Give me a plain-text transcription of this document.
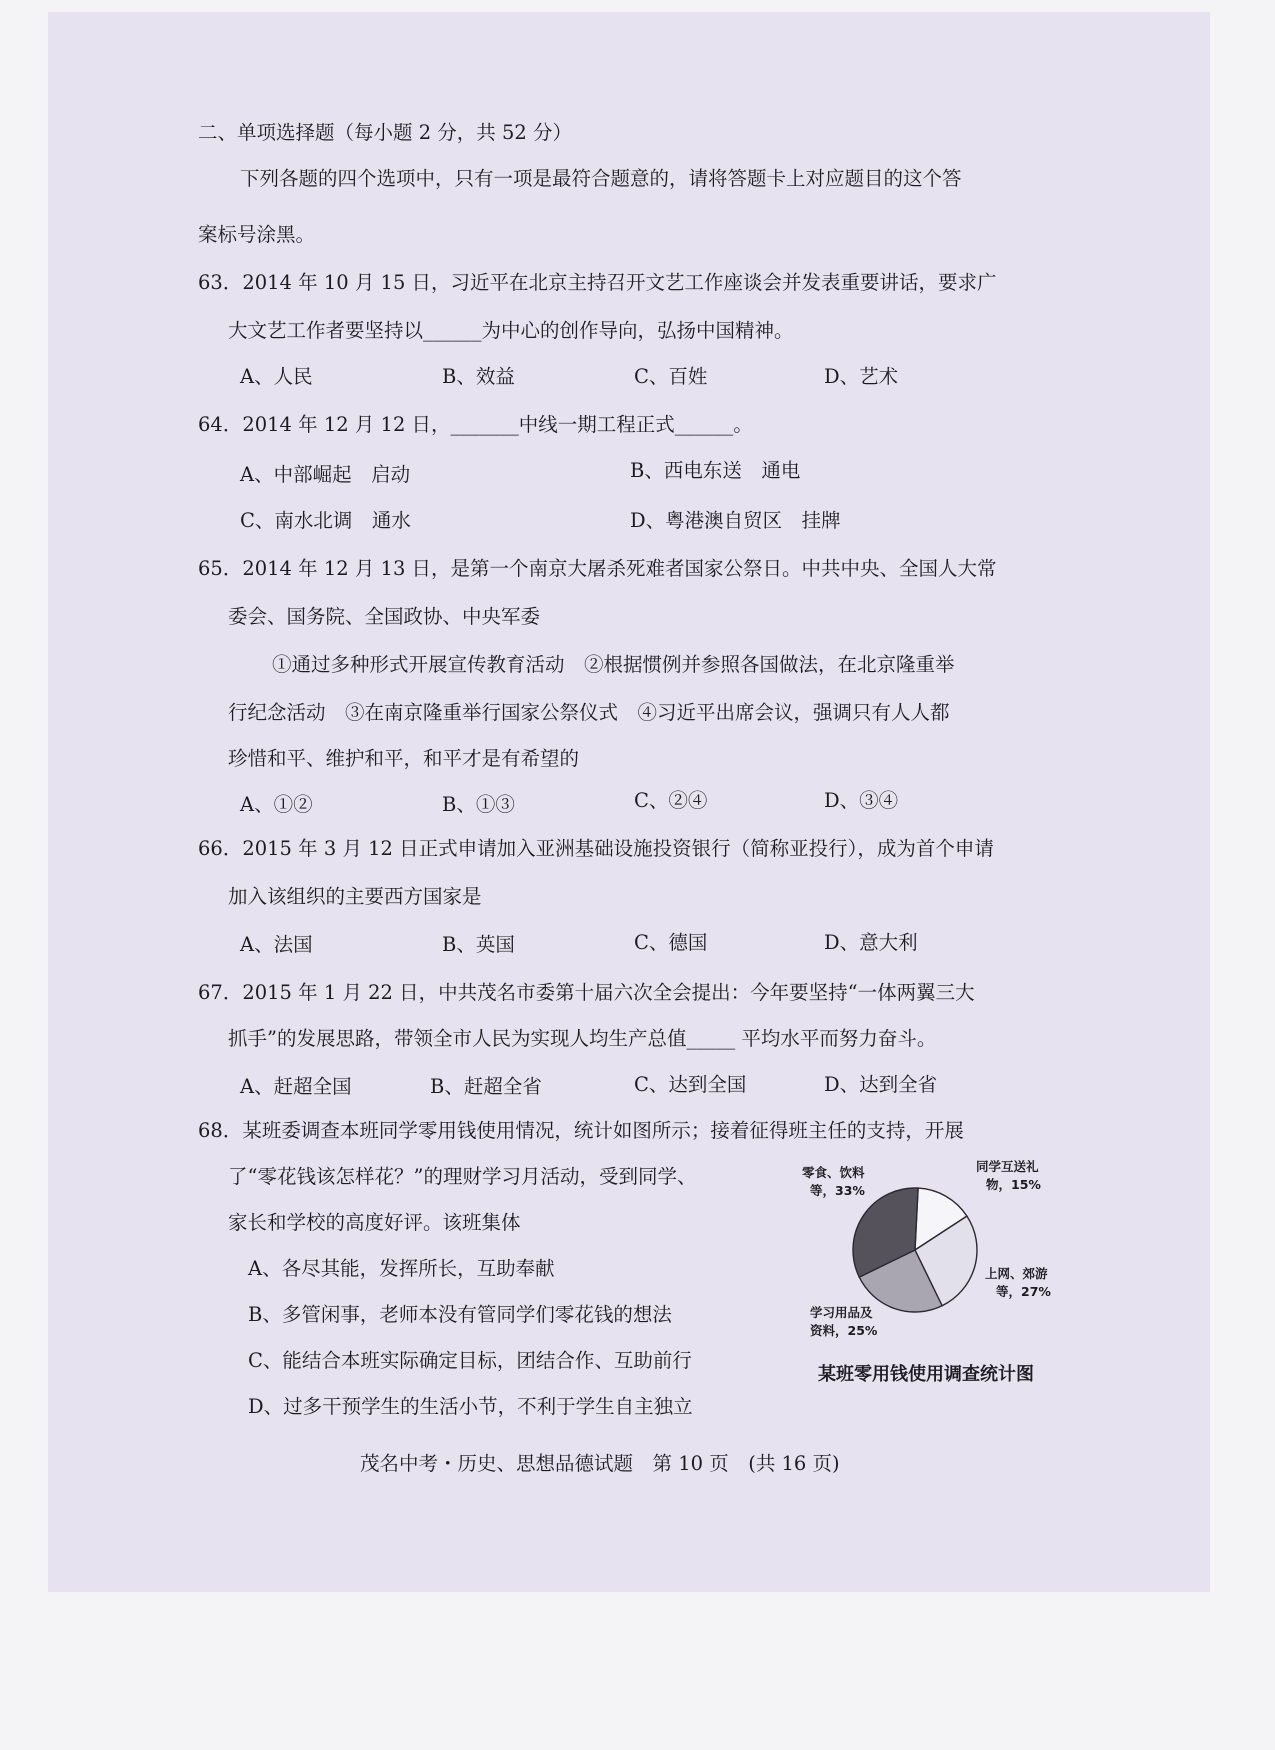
二、单项选择题（每小题 2 分，共 52 分）
下列各题的四个选项中，只有一项是最符合题意的，请将答题卡上对应题目的这个答
案标号涂黑。
63．2014 年 10 月 15 日，习近平在北京主持召开文艺工作座谈会并发表重要讲话，要求广
大文艺工作者要坚持以______为中心的创作导向，弘扬中国精神。
A、人民	B、效益	C、百姓	D、艺术
64．2014 年 12 月 12 日，_______中线一期工程正式______。
A、中部崛起　启动	B、西电东送　通电
C、南水北调　通水	D、粤港澳自贸区　挂牌
65．2014 年 12 月 13 日，是第一个南京大屠杀死难者国家公祭日。中共中央、全国人大常
委会、国务院、全国政协、中央军委
①通过多种形式开展宣传教育活动　②根据惯例并参照各国做法，在北京隆重举
行纪念活动　③在南京隆重举行国家公祭仪式　④习近平出席会议，强调只有人人都
珍惜和平、维护和平，和平才是有希望的
A、①②	B、①③	C、②④	D、③④
66．2015 年 3 月 12 日正式申请加入亚洲基础设施投资银行（简称亚投行），成为首个申请
加入该组织的主要西方国家是
A、法国	B、英国	C、德国	D、意大利
67．2015 年 1 月 22 日，中共茂名市委第十届六次全会提出：今年要坚持“一体两翼三大
抓手”的发展思路，带领全市人民为实现人均生产总值_____ 平均水平而努力奋斗。
A、赶超全国	B、赶超全省	C、达到全国	D、达到全省
68．某班委调查本班同学零用钱使用情况，统计如图所示；接着征得班主任的支持，开展
了“零花钱该怎样花？”的理财学习月活动，受到同学、
家长和学校的高度好评。该班集体
A、各尽其能，发挥所长，互助奉献
B、多管闲事，老师本没有管同学们零花钱的想法
C、能结合本班实际确定目标，团结合作、互助前行
D、过多干预学生的生活小节，不利于学生自主独立
零食、饮料
等，33%
同学互送礼
物，15%
上网、郊游
等，27%
学习用品及
资料，25%
某班零用钱使用调查统计图
茂名中考・历史、思想品德试题　第 10 页　(共 16 页)
